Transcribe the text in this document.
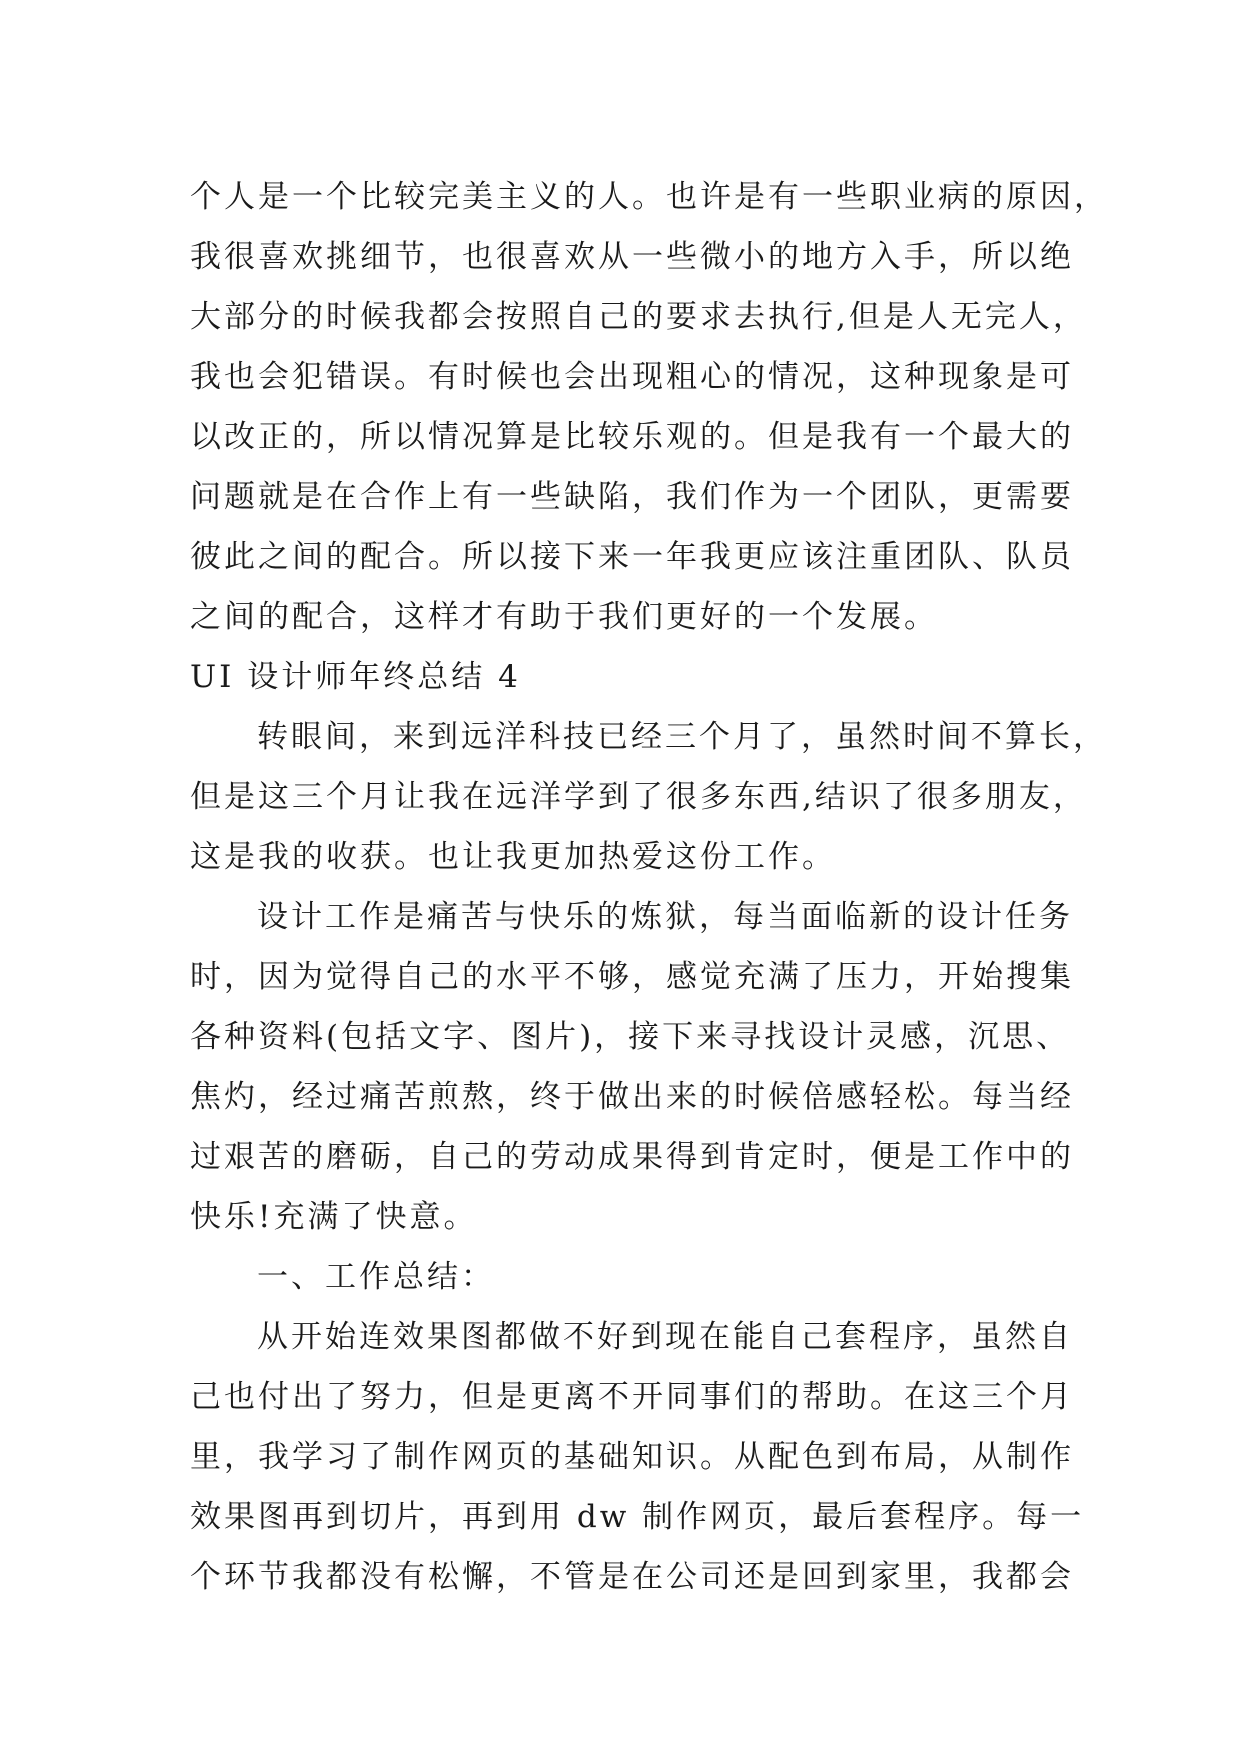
个人是一个比较完美主义的人。也许是有一些职业病的原因，
我很喜欢挑细节，也很喜欢从一些微小的地方入手，所以绝
大部分的时候我都会按照自己的要求去执行,但是人无完人，
我也会犯错误。有时候也会出现粗心的情况，这种现象是可
以改正的，所以情况算是比较乐观的。但是我有一个最大的
问题就是在合作上有一些缺陷，我们作为一个团队，更需要
彼此之间的配合。所以接下来一年我更应该注重团队、队员
之间的配合，这样才有助于我们更好的一个发展。
UI 设计师年终总结 4
转眼间，来到远洋科技已经三个月了，虽然时间不算长，
但是这三个月让我在远洋学到了很多东西,结识了很多朋友，
这是我的收获。也让我更加热爱这份工作。
设计工作是痛苦与快乐的炼狱，每当面临新的设计任务
时，因为觉得自己的水平不够，感觉充满了压力，开始搜集
各种资料(包括文字、图片)，接下来寻找设计灵感，沉思、
焦灼，经过痛苦煎熬，终于做出来的时候倍感轻松。每当经
过艰苦的磨砺，自己的劳动成果得到肯定时，便是工作中的
快乐!充满了快意。
一、工作总结：
从开始连效果图都做不好到现在能自己套程序，虽然自
己也付出了努力，但是更离不开同事们的帮助。在这三个月
里，我学习了制作网页的基础知识。从配色到布局，从制作
效果图再到切片，再到用 dw 制作网页，最后套程序。每一
个环节我都没有松懈，不管是在公司还是回到家里，我都会
